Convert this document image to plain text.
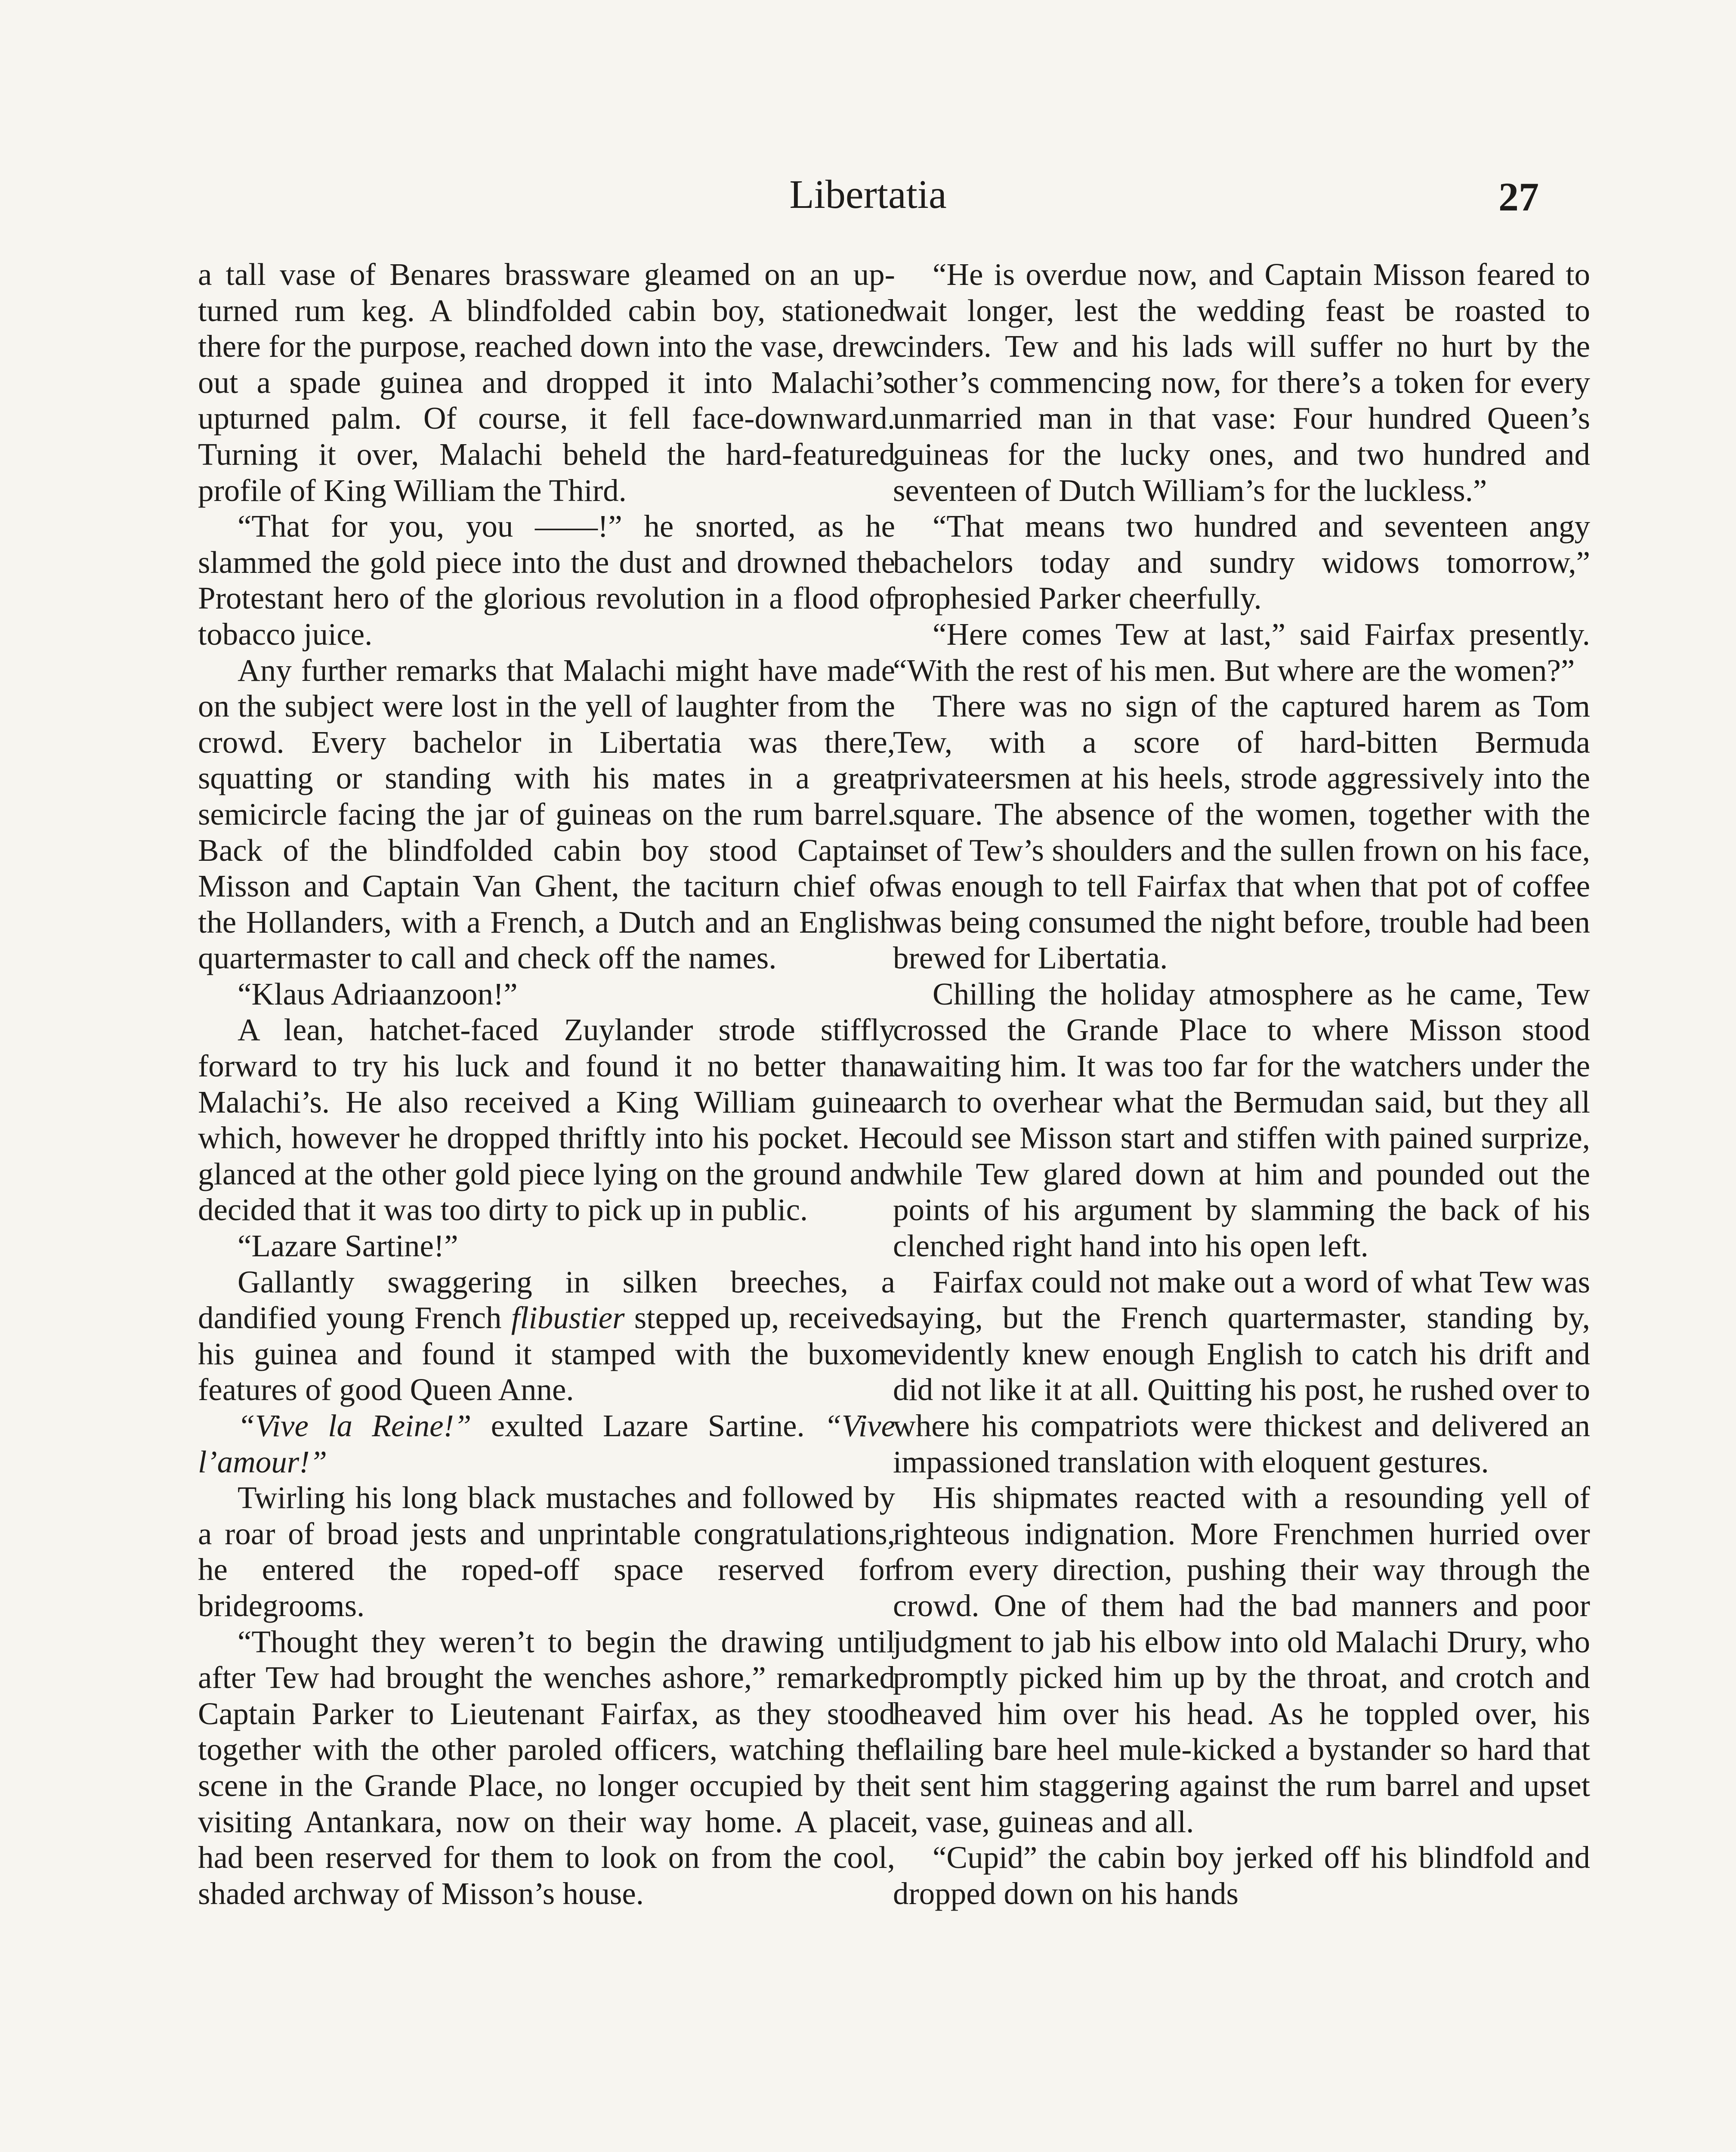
Libertatia	27

a tall vase of Benares brassware gleamed on an up-turned rum keg. A blindfolded cabin boy, stationed there for the purpose, reached down into the vase, drew out a spade guinea and dropped it into Malachi’s upturned palm. Of course, it fell face-downward. Turning it over, Malachi beheld the hard-featured profile of King William the Third.

“That for you, you ——!” he snorted, as he slammed the gold piece into the dust and drowned the Protestant hero of the glorious revolution in a flood of tobacco juice.

Any further remarks that Malachi might have made on the subject were lost in the yell of laughter from the crowd. Every bachelor in Libertatia was there, squatting or standing with his mates in a great semicircle facing the jar of guineas on the rum barrel. Back of the blindfolded cabin boy stood Captain Misson and Captain Van Ghent, the taciturn chief of the Hollanders, with a French, a Dutch and an English quartermaster to call and check off the names.

“Klaus Adriaanzoon!”

A lean, hatchet-faced Zuylander strode stiffly forward to try his luck and found it no better than Malachi’s. He also received a King William guinea which, however he dropped thriftly into his pocket. He glanced at the other gold piece lying on the ground and decided that it was too dirty to pick up in public.

“Lazare Sartine!”

Gallantly swaggering in silken breeches, a dandified young French flibustier stepped up, received his guinea and found it stamped with the buxom features of good Queen Anne.

“Vive la Reine!” exulted Lazare Sartine. “Vive l’amour!”

Twirling his long black mustaches and followed by a roar of broad jests and unprintable congratulations, he entered the roped-off space reserved for bridegrooms.

“Thought they weren’t to begin the drawing until after Tew had brought the wenches ashore,” remarked Captain Parker to Lieutenant Fairfax, as they stood together with the other paroled officers, watching the scene in the Grande Place, no longer occupied by the visiting Antankara, now on their way home. A place had been reserved for them to look on from the cool, shaded archway of Misson’s house.

“He is overdue now, and Captain Misson feared to wait longer, lest the wedding feast be roasted to cinders. Tew and his lads will suffer no hurt by the other’s commencing now, for there’s a token for every unmarried man in that vase: Four hundred Queen’s guineas for the lucky ones, and two hundred and seventeen of Dutch William’s for the luckless.”

“That means two hundred and seventeen angy bachelors today and sundry widows tomorrow,” prophesied Parker cheerfully.

“Here comes Tew at last,” said Fairfax presently. “With the rest of his men. But where are the women?”

There was no sign of the captured harem as Tom Tew, with a score of hard-bitten Bermuda privateersmen at his heels, strode aggressively into the square. The absence of the women, together with the set of Tew’s shoulders and the sullen frown on his face, was enough to tell Fairfax that when that pot of coffee was being consumed the night before, trouble had been brewed for Libertatia.

Chilling the holiday atmosphere as he came, Tew crossed the Grande Place to where Misson stood awaiting him. It was too far for the watchers under the arch to overhear what the Bermudan said, but they all could see Misson start and stiffen with pained surprize, while Tew glared down at him and pounded out the points of his argument by slamming the back of his clenched right hand into his open left.

Fairfax could not make out a word of what Tew was saying, but the French quartermaster, standing by, evidently knew enough English to catch his drift and did not like it at all. Quitting his post, he rushed over to where his compatriots were thickest and delivered an impassioned translation with eloquent gestures.

His shipmates reacted with a resounding yell of righteous indignation. More Frenchmen hurried over from every direction, pushing their way through the crowd. One of them had the bad manners and poor judgment to jab his elbow into old Malachi Drury, who promptly picked him up by the throat, and crotch and heaved him over his head. As he toppled over, his flailing bare heel mule-kicked a bystander so hard that it sent him staggering against the rum barrel and upset it, vase, guineas and all.

“Cupid” the cabin boy jerked off his blindfold and dropped down on his hands
